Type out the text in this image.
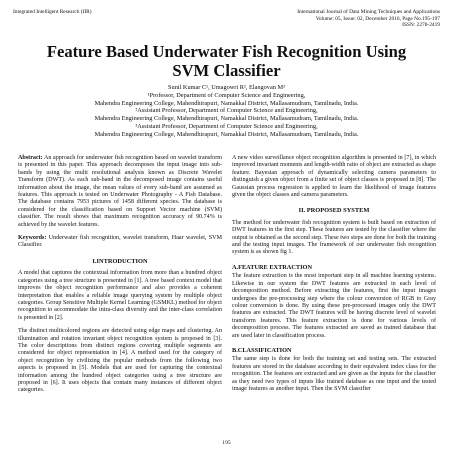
Integrated Intelligent Research (IIR)	International Journal of Data Mining Techniques and Applications
Volume: 05, Issue: 02, December 2016, Page No.195-197
ISSN: 2278-2419
Feature Based Underwater Fish Recognition Using
SVM Classifier
Sunil Kumar C¹, Umagowri R², Elangovan M³
¹Professor, Department of Computer Science and Engineering,
Mahendra Engineering College, Mahendhirapuri, Namakkal District, Mallasamudram, Tamilnadu, India.
²Assistant Professor, Department of Computer Science and Engineering,
Mahendra Engineering College, Mahendhirapuri, Namakkal District, Mallasamudram, Tamilnadu, India.
³Assistant Professor, Department of Computer Science and Engineering,
Mahendra Engineering College, Mahendhirapuri, Namakkal District, Mallasamudram, Tamilnadu, India.

Abstract: An approach for underwater fish recognition based on wavelet transform is presented in this paper. This approach decomposes the input image into sub-bands by using the multi resolutional analysis known as Discrete Wavelet Transform (DWT). As each sub-band in the decomposed image contains useful information about the image, the mean values of every sub-band are assumed as features. This approach is tested on Underwater Photography - A Fish Database. The database contains 7953 pictures of 1458 different species. The database is considered for the classification based on Support Vector machine (SVM) classifier. The result shows that maximum recognition accuracy of 90.74% is achieved by the wavelet features.

Keywords: Underwater fish recognition, wavelet transform, Haar wavelet, SVM Classifier.

I.INTRODUCTION

A model that captures the contextual information from more than a hundred object categories using a tree structure is presented in [1]. A tree based context model that improves the object recognition performance and also provides a coherent interpretation that enables a reliable image querying system by multiple object categories. Group Sensitive Multiple Kernel Learning (GSMKL) method for object recognition to accommodate the intra-class diversity and the inter-class correlation is presented in [2].

The distinct multicolored regions are detected using edge maps and clustering. An illumination and rotation invariant object recognition system is proposed in [3]. The color descriptions from distinct regions covering multiple segments are considered for object representation in [4]. A method used for the category of object recognition by civilizing the popular methods from the following two aspects is proposed in [5]. Models that are used for capturing the contextual information among the hundred object categories using a tree structure are proposed in [6]. It uses objects that contain many instances of different object categories.

A new video surveillance object recognition algorithm is presented in [7], in which improved invariant moments and length-width ratio of object are extracted as shape feature. Bayesian approach of dynamically selecting camera parameters to distinguish a given object from a finite set of object classes is proposed in [8]. The Gaussian process regression is applied to learn the likelihood of image features given the object classes and camera parameters.

II. PROPOSED SYSTEM

The method for underwater fish recognition system is built based on extraction of DWT features in the first step. These features are tested by the classifier where the output is obtained as the second step. These two steps are done for both the training and the testing input images. The framework of our underwater fish recognition system is as shown fig 1.

A.FEATURE EXTRACTION

The feature extraction is the most important step in all machine learning systems. Likewise in our system the DWT features are extracted in each level of decomposition method. Before extracting the features, first the input images undergoes the pre-processing step where the colour conversion of RGB to Gray colour conversion is done. By using these pre-processed images only the DWT features are extracted. The DWT features will be having discrete level of wavelet transform features. This feature extraction is done for various levels of decomposition process. The features extracted are saved as trained database that are used later in classification process.

B.CLASSIFICATION

The same step is done for both the training set and testing sets. The extracted features are stored in the database according to their equivalent index class for the recognition. The features are extracted and are given as the inputs for the classifier as they need two types of inputs like trained database as one input and the tested image features as another input. Then the SVM classifier

195
